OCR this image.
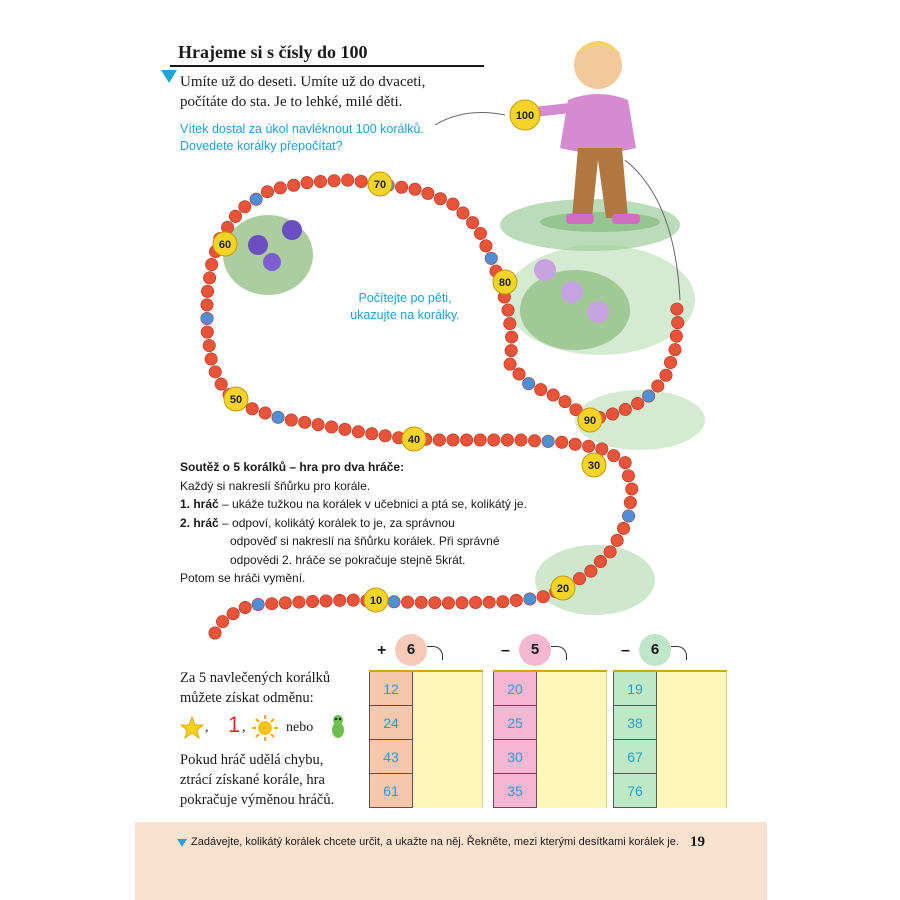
10
20
30
40
50
60
70
80
90
100
Hrajeme si s čísly do 100
Umíte už do deseti. Umíte už do dvaceti,
počítáte do sta. Je to lehké, milé děti.
Vítek dostal za úkol navléknout 100 korálků.
Dovedete korálky přepočítat?
Počítejte po pěti,
ukazujte na korálky.
Soutěž o 5 korálků – hra pro dva hráče:
Každý si nakreslí šňůrku pro korále.
1. hráč – ukáže tužkou na korálek v učebnici a ptá se, kolikátý je.
2. hráč – odpoví, kolikátý korálek to je, za správnou
odpověď si nakreslí na šňůrku korálek. Při správné
odpovědi 2. hráče se pokračuje stejně 5krát.
Potom se hráči vymění.
Za 5 navlečených korálků
můžete získat odměnu:
, 1 ,	nebo
Pokud hráč udělá chybu,
ztrácí získané korále, hra
pokračuje výměnou hráčů.
+	6
12
24
43
61
–	5
20
25
30
35
–	6
19
38
67
76
Zadávejte, kolikátý korálek chcete určit, a ukažte na něj. Řekněte, mezi kterými desítkami korálek je. 19
